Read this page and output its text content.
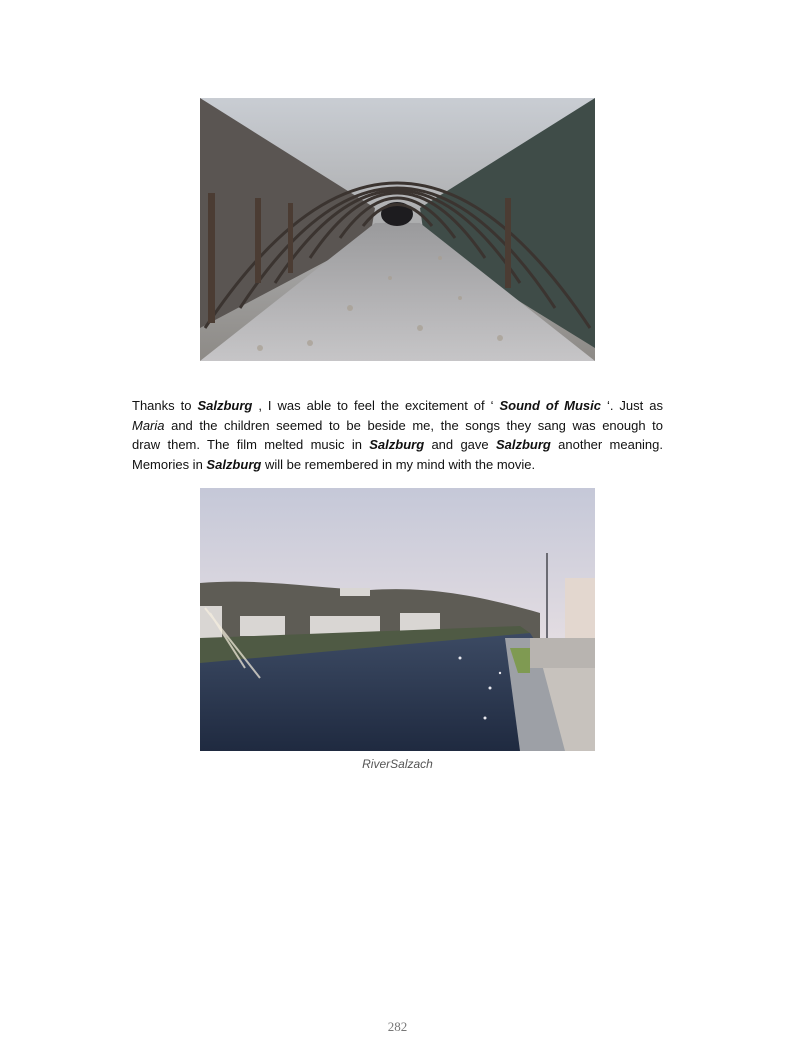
Thanks to Salzburg , I was able to feel the excitement of ‘ Sound of Music ‘. Just as
Maria and the children seemed to be beside me, the songs they sang was enough to
draw them. The film melted music in Salzburg and gave Salzburg another meaning.
Memories in Salzburg will be remembered in my mind with the movie.
RiverSalzach
282
